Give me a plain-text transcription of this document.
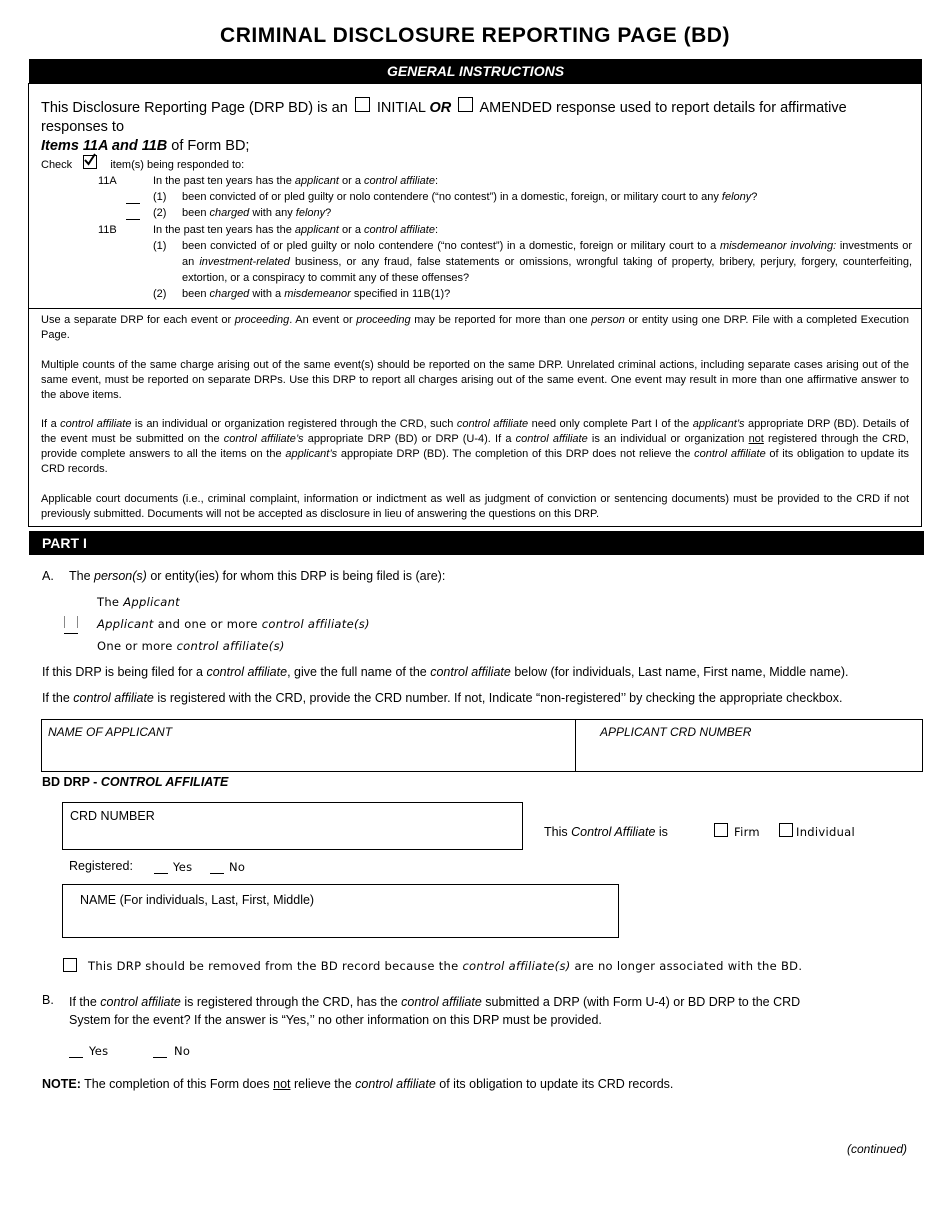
CRIMINAL DISCLOSURE REPORTING PAGE (BD)
GENERAL INSTRUCTIONS
This Disclosure Reporting Page (DRP BD) is an INITIAL OR AMENDED response used to report details for affirmative responses to
Items 11A and 11B of Form BD;
Check	item(s) being responded to:
11A	In the past ten years has the applicant or a control affiliate:
(1) been convicted of or pled guilty or nolo contendere (“no contest”) in a domestic, foreign, or military court to any felony?
(2) been charged with any felony?
11B	In the past ten years has the applicant or a control affiliate:
(1) been convicted of or pled guilty or nolo contendere (“no contest”) in a domestic, foreign or military court to a misdemeanor involving: investments or an investment-related business, or any fraud, false statements or omissions, wrongful taking of property, bribery, perjury, forgery, counterfeiting, extortion, or a conspiracy to commit any of these offenses?
(2) been charged with a misdemeanor specified in 11B(1)?
Use a separate DRP for each event or proceeding. An event or proceeding may be reported for more than one person or entity using one DRP. File with a completed Execution Page.
Multiple counts of the same charge arising out of the same event(s) should be reported on the same DRP. Unrelated criminal actions, including separate cases arising out of the same event, must be reported on separate DRPs. Use this DRP to report all charges arising out of the same event. One event may result in more than one affirmative answer to the above items.
If a control affiliate is an individual or organization registered through the CRD, such control affiliate need only complete Part I of the applicant’s appropriate DRP (BD). Details of the event must be submitted on the control affiliate’s appropriate DRP (BD) or DRP (U-4). If a control affiliate is an individual or organization not registered through the CRD, provide complete answers to all the items on the applicant’s appropiate DRP (BD). The completion of this DRP does not relieve the control affiliate of its obligation to update its CRD records.
Applicable court documents (i.e., criminal complaint, information or indictment as well as judgment of conviction or sentencing documents) must be provided to the CRD if not previously submitted. Documents will not be accepted as disclosure in lieu of answering the questions on this DRP.
PART I
A. The person(s) or entity(ies) for whom this DRP is being filed is (are):
The Applicant
Applicant and one or more control affiliate(s)
One or more control affiliate(s)
If this DRP is being filed for a control affiliate, give the full name of the control affiliate below (for individuals, Last name, First name, Middle name).
If the control affiliate is registered with the CRD, provide the CRD number. If not, Indicate “non-registered’’ by checking the appropriate checkbox.
NAME OF APPLICANT	APPLICANT CRD NUMBER
BD DRP - CONTROL AFFILIATE
CRD NUMBER
This Control Affiliate is	Firm	Individual
Registered:	Yes	No
NAME (For individuals, Last, First, Middle)
This DRP should be removed from the BD record because the control affiliate(s) are no longer associated with the BD.
B. If the control affiliate is registered through the CRD, has the control affiliate submitted a DRP (with Form U-4) or BD DRP to the CRD
System for the event? If the answer is “Yes,’’ no other information on this DRP must be provided.
Yes	No
NOTE: The completion of this Form does not relieve the control affiliate of its obligation to update its CRD records.
(continued)
